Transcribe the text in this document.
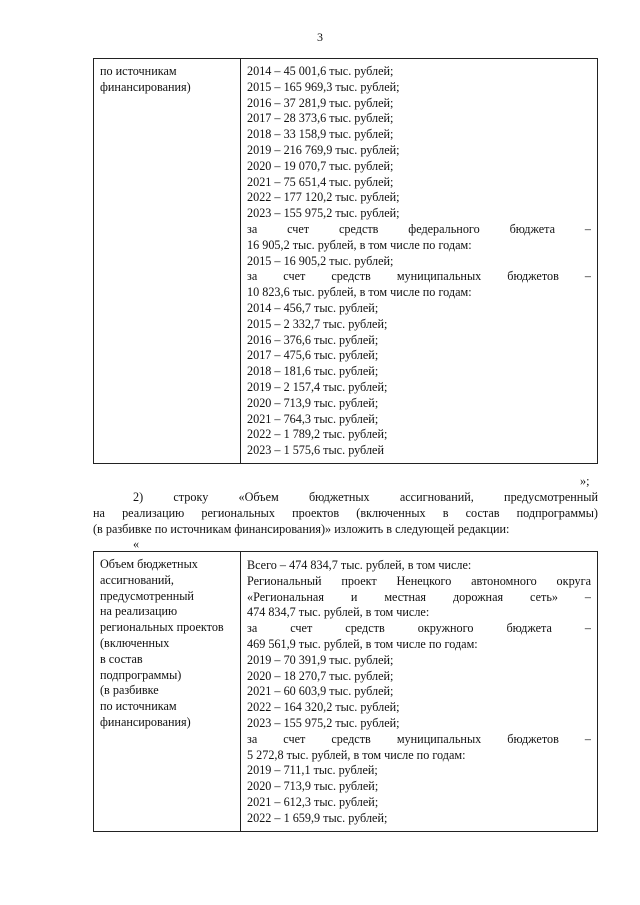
3
по источникам
финансирования)

2014 – 45 001,6 тыс. рублей;
2015 – 165 969,3 тыс. рублей;
2016 – 37 281,9 тыс. рублей;
2017 – 28 373,6 тыс. рублей;
2018 – 33 158,9 тыс. рублей;
2019 – 216 769,9 тыс. рублей;
2020 – 19 070,7 тыс. рублей;
2021 – 75 651,4 тыс. рублей;
2022 – 177 120,2 тыс. рублей;
2023 – 155 975,2 тыс. рублей;
за счет средств федерального бюджета –
16 905,2 тыс. рублей, в том числе по годам:
2015 – 16 905,2 тыс. рублей;
за счет средств муниципальных бюджетов –
10 823,6 тыс. рублей, в том числе по годам:
2014 – 456,7 тыс. рублей;
2015 – 2 332,7 тыс. рублей;
2016 – 376,6 тыс. рублей;
2017 – 475,6 тыс. рублей;
2018 – 181,6 тыс. рублей;
2019 – 2 157,4 тыс. рублей;
2020 – 713,9 тыс. рублей;
2021 – 764,3 тыс. рублей;
2022 – 1 789,2 тыс. рублей;
2023 – 1 575,6 тыс. рублей
»;
2) строку «Объем бюджетных ассигнований, предусмотренный
на реализацию региональных проектов (включенных в состав подпрограммы)
(в разбивке по источникам финансирования)» изложить в следующей редакции:
«
Объем бюджетных
ассигнований,
предусмотренный
на реализацию
региональных проектов
(включенных
в состав
подпрограммы)
(в разбивке
по источникам
финансирования)

Всего – 474 834,7 тыс. рублей, в том числе:
Региональный проект Ненецкого автономного округа
«Региональная и местная дорожная сеть» –
474 834,7 тыс. рублей, в том числе:
за счет средств окружного бюджета –
469 561,9 тыс. рублей, в том числе по годам:
2019 – 70 391,9 тыс. рублей;
2020 – 18 270,7 тыс. рублей;
2021 – 60 603,9 тыс. рублей;
2022 – 164 320,2 тыс. рублей;
2023 – 155 975,2 тыс. рублей;
за счет средств муниципальных бюджетов –
5 272,8 тыс. рублей, в том числе по годам:
2019 – 711,1 тыс. рублей;
2020 – 713,9 тыс. рублей;
2021 – 612,3 тыс. рублей;
2022 – 1 659,9 тыс. рублей;
